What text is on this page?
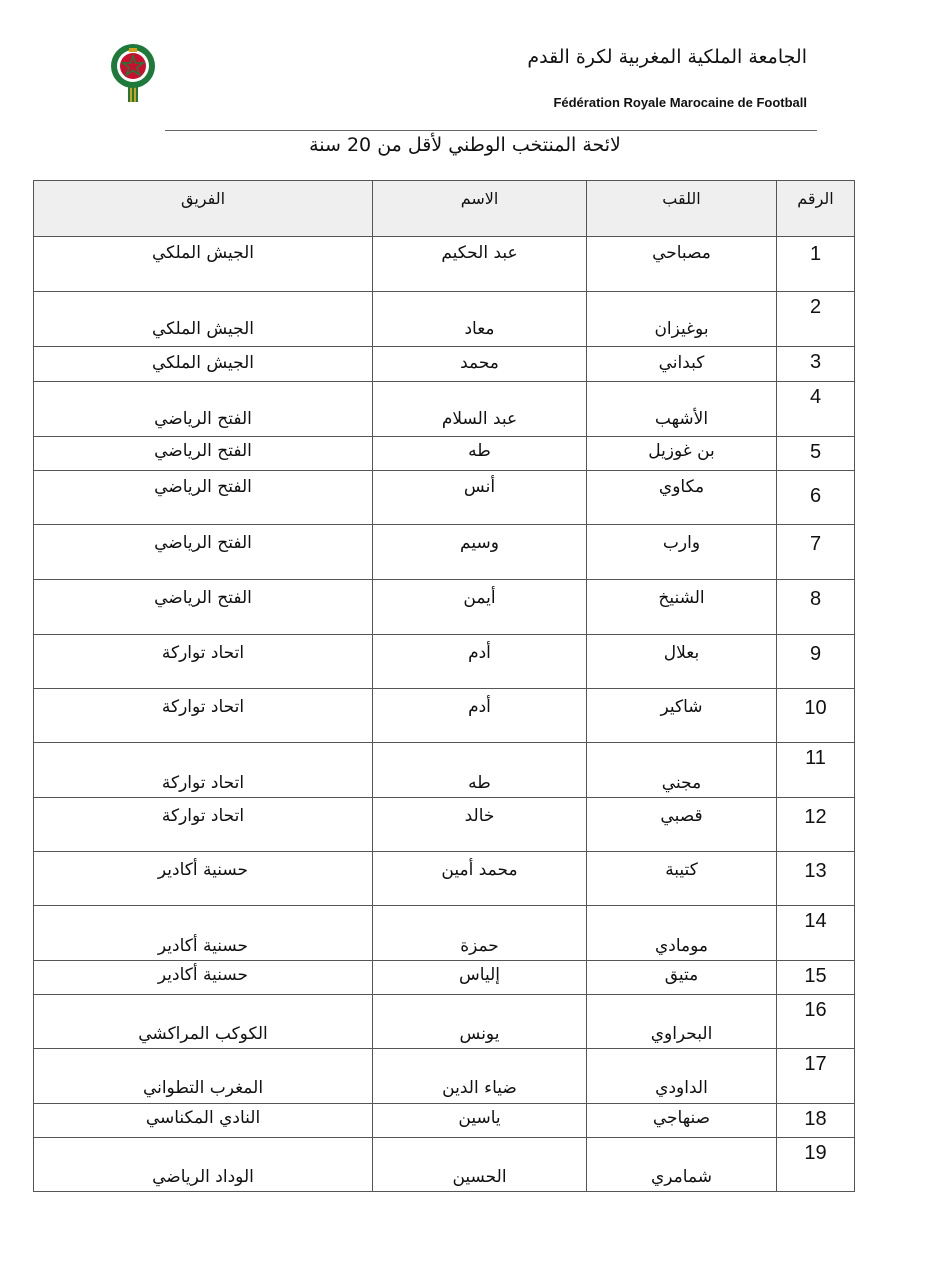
الجامعة الملكية المغربية لكرة القدم
Fédération Royale Marocaine de Football
لائحة المنتخب الوطني لأقل من 20 سنة
الرقم	اللقب	الاسم	الفريق

1	مصباحي	عبد الحكيم	الجيش الملكي

2	بوغيزان	معاد	الجيش الملكي

3	كبداني	محمد	الجيش الملكي

4	الأشهب	عبد السلام	الفتح الرياضي

5	بن غوزيل	طه	الفتح الرياضي

6	مكاوي	أنس	الفتح الرياضي

7	وارب	وسيم	الفتح الرياضي

8	الشنيخ	أيمن	الفتح الرياضي

9	بعلال	أدم	اتحاد تواركة

10	شاكير	أدم	اتحاد تواركة

11	مجني	طه	اتحاد تواركة

12	قصبي	خالد	اتحاد تواركة

13	كتيبة	محمد أمين	حسنية أكادير

14	مومادي	حمزة	حسنية أكادير

15	متيق	إلياس	حسنية أكادير

16	البحراوي	يونس	الكوكب المراكشي

17	الداودي	ضياء الدين	المغرب التطواني

18	صنهاجي	ياسين	النادي المكناسي

19	شمامري	الحسين	الوداد الرياضي
